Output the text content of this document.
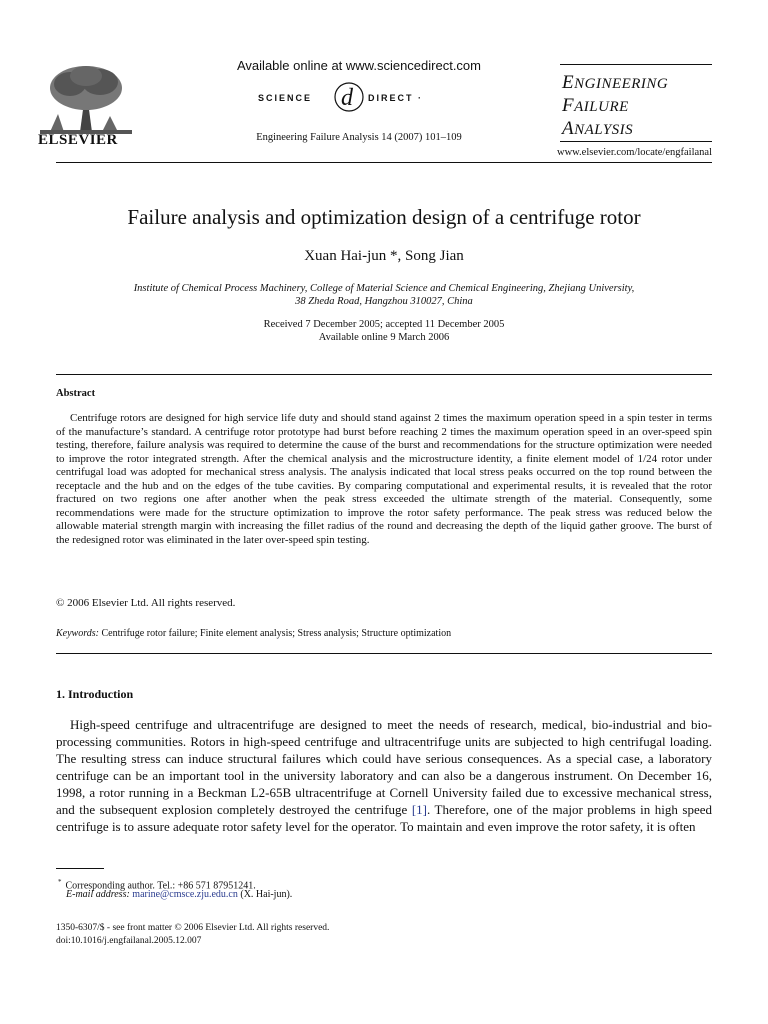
ELSEVIER
Available online at www.sciencedirect.com
SCIENCE d DIRECT ·
Engineering Failure Analysis 14 (2007) 101–109
ENGINEERING
FAILURE
ANALYSIS
www.elsevier.com/locate/engfailanal
Failure analysis and optimization design of a centrifuge rotor
Xuan Hai-jun *, Song Jian
Institute of Chemical Process Machinery, College of Material Science and Chemical Engineering, Zhejiang University,
38 Zheda Road, Hangzhou 310027, China
Received 7 December 2005; accepted 11 December 2005
Available online 9 March 2006
Abstract
Centrifuge rotors are designed for high service life duty and should stand against 2 times the maximum operation speed in a spin tester in terms of the manufacture’s standard. A centrifuge rotor prototype had burst before reaching 2 times the maximum operation speed in an over-speed spin testing, therefore, failure analysis was required to determine the cause of the burst and recommendations for the structure optimization were needed to improve the rotor integrated strength. After the chemical analysis and the microstructure identity, a finite element model of 1/24 rotor under centrifugal load was adopted for mechanical stress analysis. The analysis indicated that local stress peaks occurred on the top round between the receptacle and the hub and on the edges of the tube cavities. By comparing computational and experimental results, it is revealed that the rotor fractured on two regions one after another when the peak stress exceeded the ultimate strength of the material. Consequently, some recommendations were made for the structure optimization to improve the rotor safety performance. The peak stress was reduced below the allowable material strength margin with increasing the fillet radius of the round and decreasing the depth of the liquid gather groove. The burst of the redesigned rotor was eliminated in the later over-speed spin testing.
© 2006 Elsevier Ltd. All rights reserved.
Keywords: Centrifuge rotor failure; Finite element analysis; Stress analysis; Structure optimization
1. Introduction
High-speed centrifuge and ultracentrifuge are designed to meet the needs of research, medical, bio-industrial and bio-processing communities. Rotors in high-speed centrifuge and ultracentrifuge units are subjected to high centrifugal loading. The resulting stress can induce structural failures which could have serious consequences. As a special case, a laboratory centrifuge can be an important tool in the university laboratory and can also be a dangerous instrument. On December 16, 1998, a rotor running in a Beckman L2-65B ultracentrifuge at Cornell University failed due to excessive mechanical stress, and the subsequent explosion completely destroyed the centrifuge [1]. Therefore, one of the major problems in high speed centrifuge is to assure adequate rotor safety level for the operator. To maintain and even improve the rotor safety, it is often
* Corresponding author. Tel.: +86 571 87951241.
E-mail address: marine@cmsce.zju.edu.cn (X. Hai-jun).
1350-6307/$ - see front matter © 2006 Elsevier Ltd. All rights reserved.
doi:10.1016/j.engfailanal.2005.12.007
